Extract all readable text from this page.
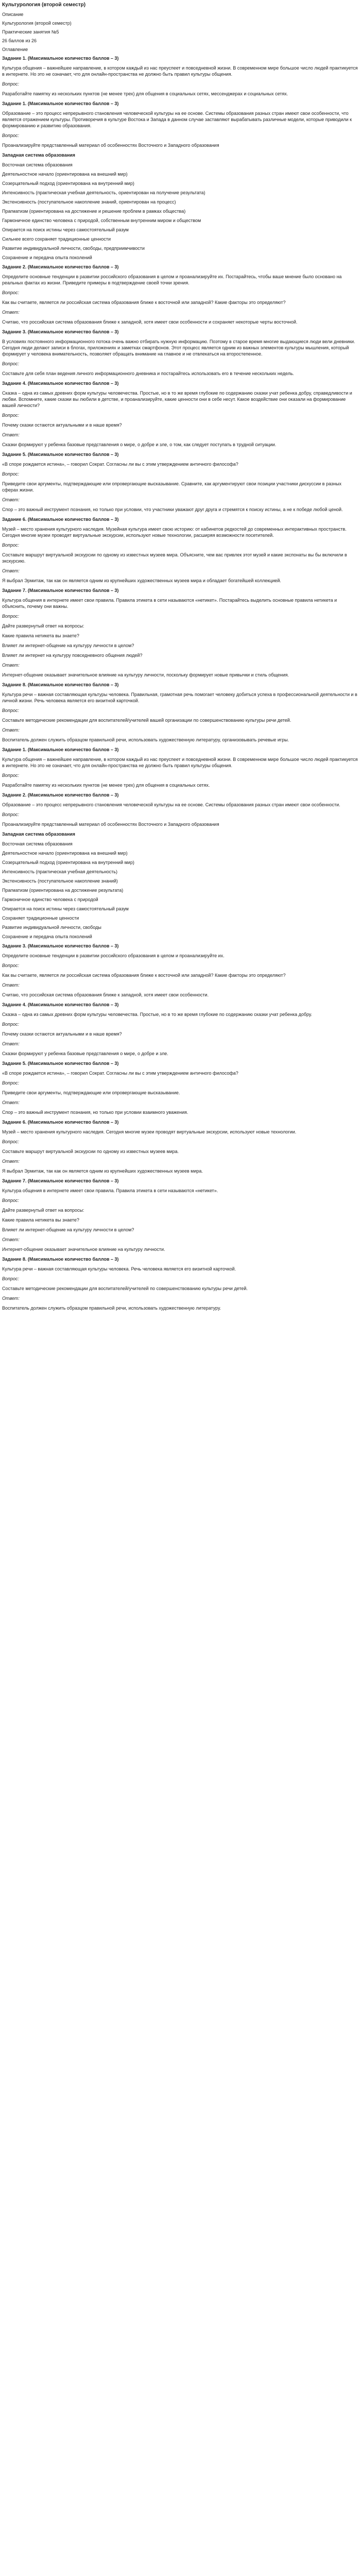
Культурология (второй семестр)
Описание
Культурология (второй семестр)
Практические занятия №5
26 баллов из 26
Оглавление
Задание 1. (Максимальное количество баллов – 3)
Культура общения – важнейшее направление, в котором каждый из нас преуспеет и повседневной жизни. В современном мире большое число людей практикуется в интернете. Но это не означает, что для онлайн-пространства не должно быть правил культуры общения.
Вопрос:
Разработайте памятку из нескольких пунктов (не менее трех) для общения в социальных сетях, мессенджерах и социальных сетях.
Задание 1. (Максимальное количество баллов – 3)
Образование – это процесс непрерывного становления человеческой культуры на ее основе. Системы образования разных стран имеют свои особенности, что является отражением культуры. Противоречия в культуре Востока и Запада в данном случае заставляют вырабатывать различные модели, которые приводили к формированию и развитию образования.
Вопрос:
Проанализируйте представленный материал об особенностях Восточного и Западного образования
Западная система образования
Восточная система образования
Деятельностное начало (ориентирована на внешний мир)
Созерцательный подход (ориентирована на внутренний мир)
Интенсивность (практическая учебная деятельность, ориентирован на получение результата)
Экстенсивность (поступательное накопление знаний, ориентирован на процесс)
Прагматизм (ориентирована на достижение и решение проблем в рамках общества)
Гармоничное единство человека с природой, собственным внутренним миром и обществом
Опирается на поиск истины через самостоятельный разум
Сильнее всего сохраняет традиционные ценности
Развитие индивидуальной личности, свободы, предприимчивости
Сохранение и передача опыта поколений
Задание 2. (Максимальное количество баллов – 3)
Определите основные тенденции в развитии российского образования в целом и проанализируйте их. Постарайтесь, чтобы ваше мнение было основано на реальных фактах из жизни. Приведите примеры в подтверждение своей точки зрения.
Вопрос:
Как вы считаете, является ли российская система образования ближе к восточной или западной? Какие факторы это определяют?
Ответ:
Считаю, что российская система образования ближе к западной, хотя имеет свои особенности и сохраняет некоторые черты восточной.
Задание 3. (Максимальное количество баллов – 3)
В условиях постоянного информационного потока очень важно отбирать нужную информацию. Поэтому в старое время многие выдающиеся люди вели дневники. Сегодня люди делают записи в блогах, приложениях и заметках смартфонов. Этот процесс является одним из важных элементов культуры мышления, который формирует у человека внимательность, позволяет обращать внимание на главное и не отвлекаться на второстепенное.
Вопрос:
Составьте для себя план ведения личного информационного дневника и постарайтесь использовать его в течение нескольких недель.
Задание 4. (Максимальное количество баллов – 3)
Сказка – одна из самых древних форм культуры человечества. Простые, но в то же время глубокие по содержанию сказки учат ребенка добру, справедливости и любви. Вспомните, какие сказки вы любили в детстве, и проанализируйте, какие ценности они в себе несут. Какое воздействие они оказали на формирование вашей личности?
Вопрос:
Почему сказки остаются актуальными и в наше время?
Ответ:
Сказки формируют у ребенка базовые представления о мире, о добре и зле, о том, как следует поступать в трудной ситуации.
Задание 5. (Максимальное количество баллов – 3)
«В споре рождается истина», – говорил Сократ. Согласны ли вы с этим утверждением античного философа?
Вопрос:
Приведите свои аргументы, подтверждающие или опровергающие высказывание. Сравните, как аргументируют свои позиции участники дискуссии в разных сферах жизни.
Ответ:
Спор – это важный инструмент познания, но только при условии, что участники уважают друг друга и стремятся к поиску истины, а не к победе любой ценой.
Задание 6. (Максимальное количество баллов – 3)
Музей – место хранения культурного наследия. Музейная культура имеет свою историю: от кабинетов редкостей до современных интерактивных пространств. Сегодня многие музеи проводят виртуальные экскурсии, используют новые технологии, расширяя возможности посетителей.
Вопрос:
Составьте маршрут виртуальной экскурсии по одному из известных музеев мира. Объясните, чем вас привлек этот музей и какие экспонаты вы бы включили в экскурсию.
Ответ:
Я выбрал Эрмитаж, так как он является одним из крупнейших художественных музеев мира и обладает богатейшей коллекцией.
Задание 7. (Максимальное количество баллов – 3)
Культура общения в интернете имеет свои правила. Правила этикета в сети называются «нетикет». Постарайтесь выделить основные правила нетикета и объяснить, почему они важны.
Вопрос:
Дайте развернутый ответ на вопросы:
Какие правила нетикета вы знаете?
Влияет ли интернет-общение на культуру личности в целом?
Влияет ли интернет на культуру повседневного общения людей?
Ответ:
Интернет-общение оказывает значительное влияние на культуру личности, поскольку формирует новые привычки и стиль общения.
Задание 8. (Максимальное количество баллов – 3)
Культура речи – важная составляющая культуры человека. Правильная, грамотная речь помогает человеку добиться успеха в профессиональной деятельности и в личной жизни. Речь человека является его визитной карточкой.
Вопрос:
Составьте методические рекомендации для воспитателей/учителей вашей организации по совершенствованию культуры речи детей.
Ответ:
Воспитатель должен служить образцом правильной речи, использовать художественную литературу, организовывать речевые игры.
Задание 1. (Максимальное количество баллов – 3)
Культура общения – важнейшее направление, в котором каждый из нас преуспеет и повседневной жизни. В современном мире большое число людей практикуется в интернете. Но это не означает, что для онлайн-пространства не должно быть правил культуры общения.
Вопрос:
Разработайте памятку из нескольких пунктов (не менее трех) для общения в социальных сетях.
Задание 2. (Максимальное количество баллов – 3)
Образование – это процесс непрерывного становления человеческой культуры на ее основе. Системы образования разных стран имеют свои особенности.
Вопрос:
Проанализируйте представленный материал об особенностях Восточного и Западного образования
Западная система образования
Восточная система образования
Деятельностное начало (ориентирована на внешний мир)
Созерцательный подход (ориентирована на внутренний мир)
Интенсивность (практическая учебная деятельность)
Экстенсивность (поступательное накопление знаний)
Прагматизм (ориентирована на достижение результата)
Гармоничное единство человека с природой
Опирается на поиск истины через самостоятельный разум
Сохраняет традиционные ценности
Развитие индивидуальной личности, свободы
Сохранение и передача опыта поколений
Задание 3. (Максимальное количество баллов – 3)
Определите основные тенденции в развитии российского образования в целом и проанализируйте их.
Вопрос:
Как вы считаете, является ли российская система образования ближе к восточной или западной? Какие факторы это определяют?
Ответ:
Считаю, что российская система образования ближе к западной, хотя имеет свои особенности.
Задание 4. (Максимальное количество баллов – 3)
Сказка – одна из самых древних форм культуры человечества. Простые, но в то же время глубокие по содержанию сказки учат ребенка добру.
Вопрос:
Почему сказки остаются актуальными и в наше время?
Ответ:
Сказки формируют у ребенка базовые представления о мире, о добре и зле.
Задание 5. (Максимальное количество баллов – 3)
«В споре рождается истина», – говорил Сократ. Согласны ли вы с этим утверждением античного философа?
Вопрос:
Приведите свои аргументы, подтверждающие или опровергающие высказывание.
Ответ:
Спор – это важный инструмент познания, но только при условии взаимного уважения.
Задание 6. (Максимальное количество баллов – 3)
Музей – место хранения культурного наследия. Сегодня многие музеи проводят виртуальные экскурсии, используют новые технологии.
Вопрос:
Составьте маршрут виртуальной экскурсии по одному из известных музеев мира.
Ответ:
Я выбрал Эрмитаж, так как он является одним из крупнейших художественных музеев мира.
Задание 7. (Максимальное количество баллов – 3)
Культура общения в интернете имеет свои правила. Правила этикета в сети называются «нетикет».
Вопрос:
Дайте развернутый ответ на вопросы:
Какие правила нетикета вы знаете?
Влияет ли интернет-общение на культуру личности в целом?
Ответ:
Интернет-общение оказывает значительное влияние на культуру личности.
Задание 8. (Максимальное количество баллов – 3)
Культура речи – важная составляющая культуры человека. Речь человека является его визитной карточкой.
Вопрос:
Составьте методические рекомендации для воспитателей/учителей по совершенствованию культуры речи детей.
Ответ:
Воспитатель должен служить образцом правильной речи, использовать художественную литературу.
